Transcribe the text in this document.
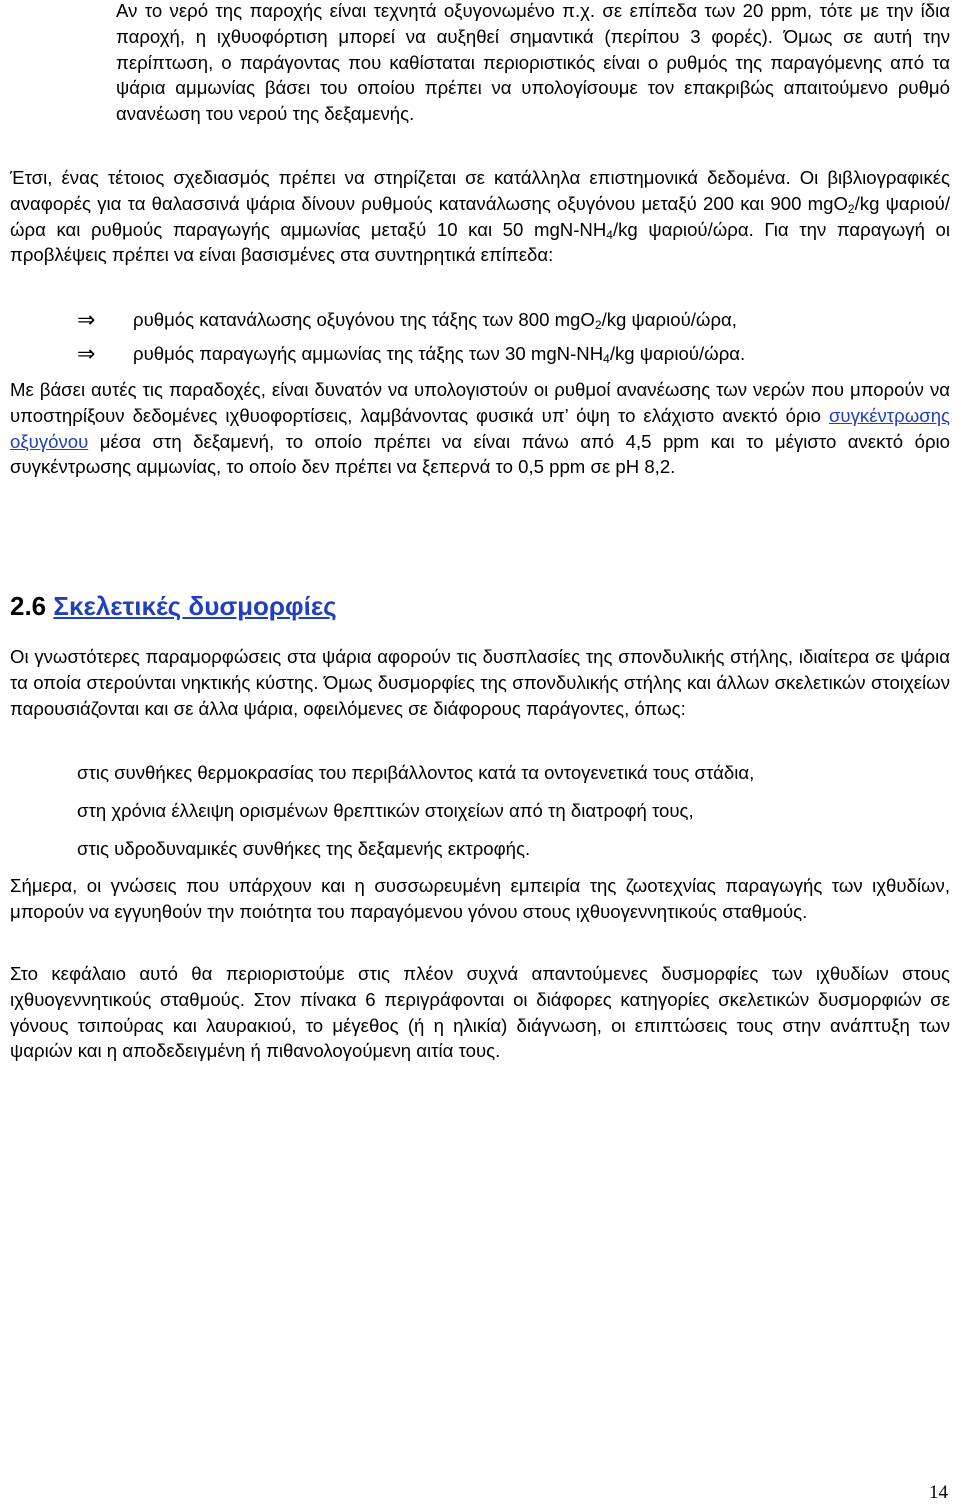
Αν το νερό της παροχής είναι τεχνητά οξυγονωμένο π.χ. σε επίπεδα των 20 ppm, τότε με την ίδια παροχή, η ιχθυοφόρτιση μπορεί να αυξηθεί σημαντικά (περίπου 3 φορές). Όμως σε αυτή την περίπτωση, ο παράγοντας που καθίσταται περιοριστικός είναι ο ρυθμός της παραγόμενης από τα ψάρια αμμωνίας βάσει του οποίου πρέπει να υπολογίσουμε τον επακριβώς απαιτούμενο ρυθμό ανανέωση του νερού της δεξαμενής.

Έτσι, ένας τέτοιος σχεδιασμός πρέπει να στηρίζεται σε κατάλληλα επιστημονικά δεδομένα. Οι βιβλιογραφικές αναφορές για τα θαλασσινά ψάρια δίνουν ρυθμούς κατανάλωσης οξυγόνου μεταξύ 200 και 900 mgO$_2$/kg ψαριού/ώρα και ρυθμούς παραγωγής αμμωνίας μεταξύ 10 και 50 mgN-$NH_4/kg$ ψαριού/ώρα. Για την παραγωγή οι προβλέψεις πρέπει να είναι βασισμένες στα συντηρητικά επίπεδα:

⇒ ρυθμός κατανάλωσης οξυγόνου της τάξης των 800 mgO$_2$/kg ψαριού/ώρα,
⇒ ρυθμός παραγωγής αμμωνίας της τάξης των 30 mgN-$NH_4/kg$ ψαριού/ώρα.

Με βάσει αυτές τις παραδοχές, είναι δυνατόν να υπολογιστούν οι ρυθμοί ανανέωσης των νερών που μπορούν να υποστηρίξουν δεδομένες ιχθυοφορτίσεις, λαμβάνοντας φυσικά υπ’ όψη το ελάχιστο ανεκτό όριο συγκέντρωσης οξυγόνου μέσα στη δεξαμενή, το οποίο πρέπει να είναι πάνω από 4,5 ppm και το μέγιστο ανεκτό όριο συγκέντρωσης αμμωνίας, το οποίο δεν πρέπει να ξεπερνά το 0,5 ppm σε pH 8,2.

2.6 Σκελετικές δυσμορφίες

Οι γνωστότερες παραμορφώσεις στα ψάρια αφορούν τις δυσπλασίες της σπονδυλικής στήλης, ιδιαίτερα σε ψάρια τα οποία στερούνται νηκτικής κύστης. Όμως δυσμορφίες της σπονδυλικής στήλης και άλλων σκελετικών στοιχείων παρουσιάζονται και σε άλλα ψάρια, οφειλόμενες σε διάφορους παράγοντες, όπως:

στις συνθήκες θερμοκρασίας του περιβάλλοντος κατά τα οντογενετικά τους στάδια,
στη χρόνια έλλειψη ορισμένων θρεπτικών στοιχείων από τη διατροφή τους,
στις υδροδυναμικές συνθήκες της δεξαμενής εκτροφής.

Σήμερα, οι γνώσεις που υπάρχουν και η συσσωρευμένη εμπειρία της ζωοτεχνίας παραγωγής των ιχθυδίων, μπορούν να εγγυηθούν την ποιότητα του παραγόμενου γόνου στους ιχθυογεννητικούς σταθμούς.

Στο κεφάλαιο αυτό θα περιοριστούμε στις πλέον συχνά απαντούμενες δυσμορφίες των ιχθυδίων στους ιχθυογεννητικούς σταθμούς. Στον πίνακα 6 περιγράφονται οι διάφορες κατηγορίες σκελετικών δυσμορφιών σε γόνους τσιπούρας και λαυρακιού, το μέγεθος (ή η ηλικία) διάγνωση, οι επιπτώσεις τους στην ανάπτυξη των ψαριών και η αποδεδειγμένη ή πιθανολογούμενη αιτία τους.

14
